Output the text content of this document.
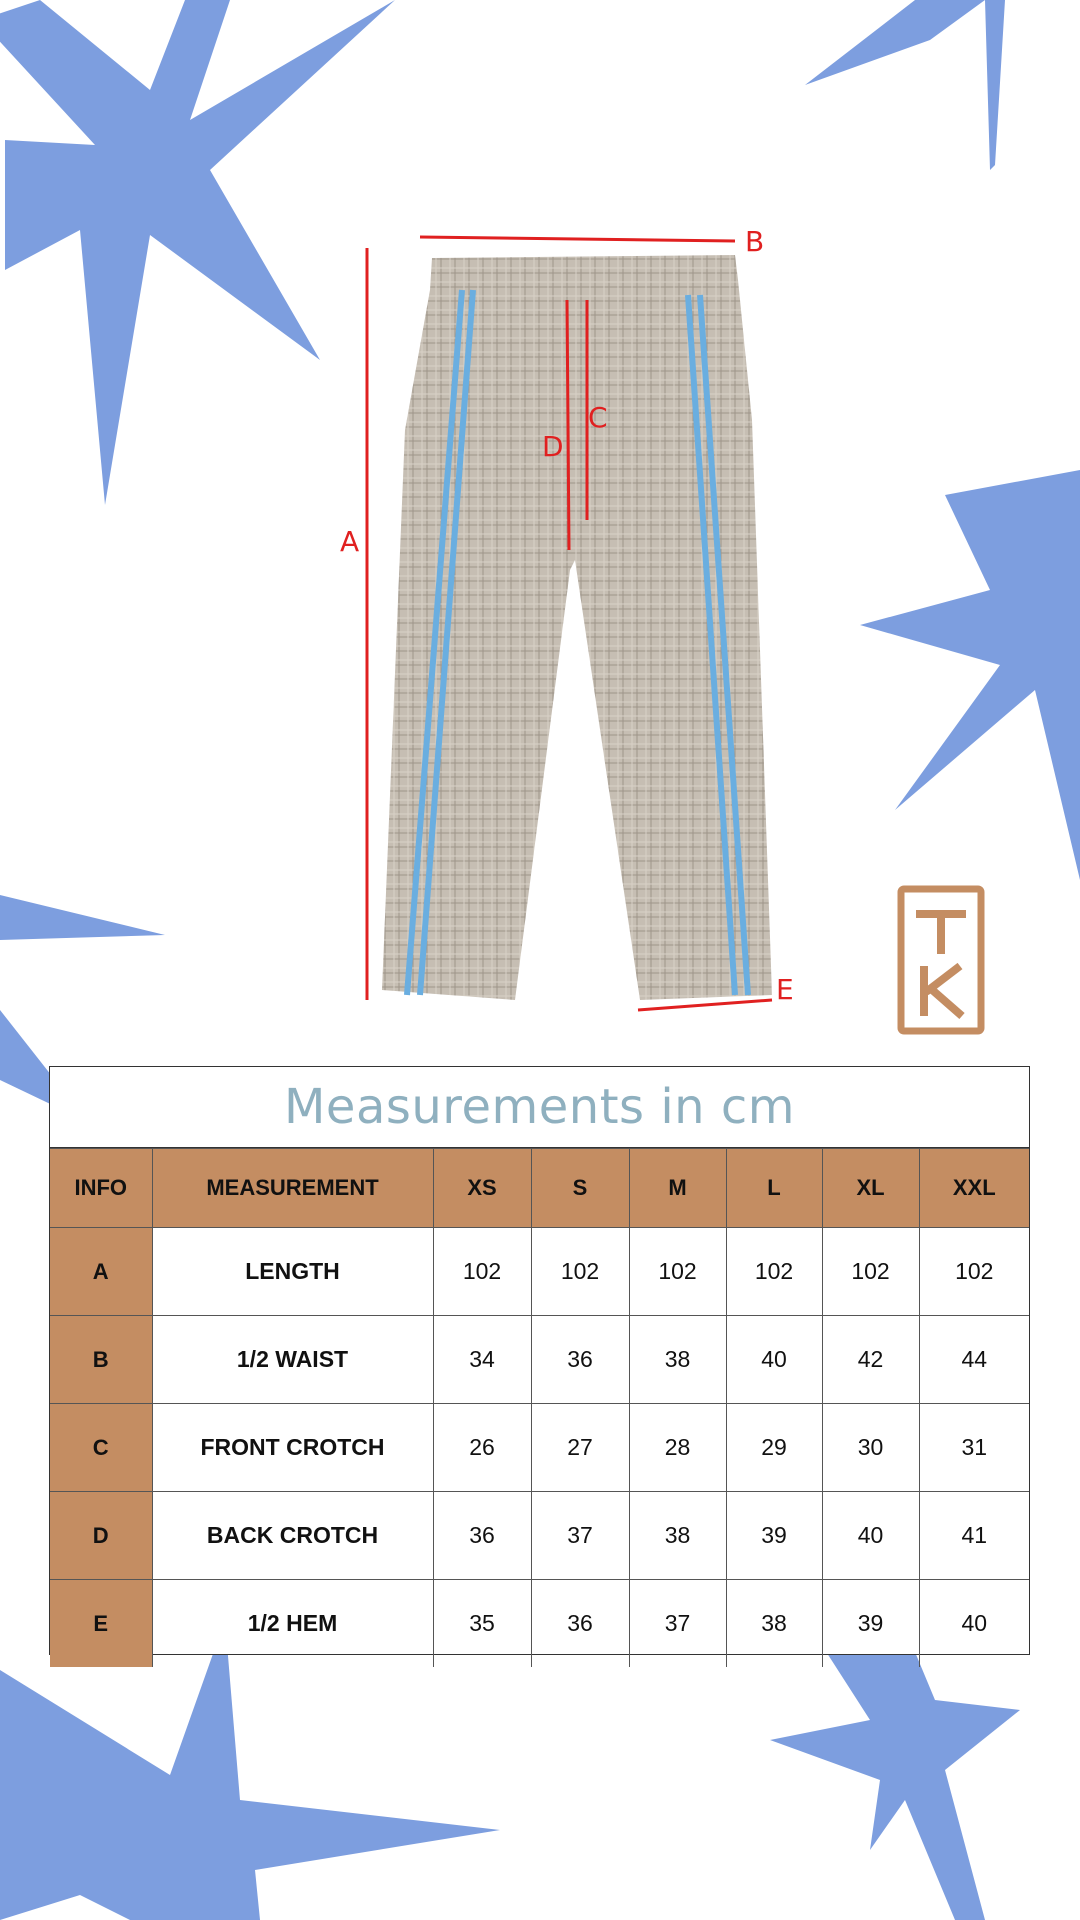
A
B
C
D
E
Measurements in cm
INFO	MEASUREMENT	XS	S	M	L	XL	XXL
A	LENGTH	102	102	102	102	102	102
B	1/2 WAIST	34	36	38	40	42	44
C	FRONT CROTCH	26	27	28	29	30	31
D	BACK CROTCH	36	37	38	39	40	41
E	1/2 HEM	35	36	37	38	39	40
